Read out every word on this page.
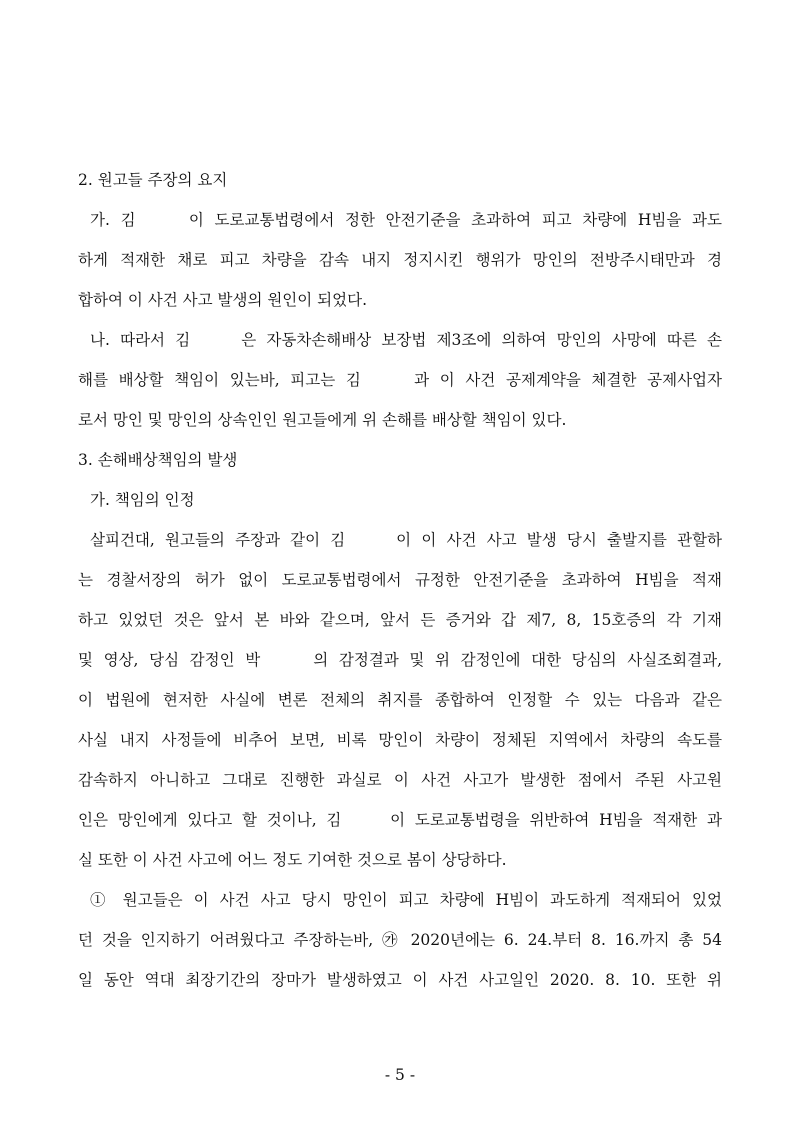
2. 원고들 주장의 요지
가. 김     이 도로교통법령에서 정한 안전기준을 초과하여 피고 차량에 H빔을 과도
하게 적재한 채로 피고 차량을 감속 내지 정지시킨 행위가 망인의 전방주시태만과 경
합하여 이 사건 사고 발생의 원인이 되었다.
나. 따라서 김     은 자동차손해배상 보장법 제3조에 의하여 망인의 사망에 따른 손
해를 배상할 책임이 있는바, 피고는 김     과 이 사건 공제계약을 체결한 공제사업자
로서 망인 및 망인의 상속인인 원고들에게 위 손해를 배상할 책임이 있다.
3. 손해배상책임의 발생
가. 책임의 인정
살피건대, 원고들의 주장과 같이 김     이 이 사건 사고 발생 당시 출발지를 관할하
는 경찰서장의 허가 없이 도로교통법령에서 규정한 안전기준을 초과하여 H빔을 적재
하고 있었던 것은 앞서 본 바와 같으며, 앞서 든 증거와 갑 제7, 8, 15호증의 각 기재
및 영상, 당심 감정인 박     의 감정결과 및 위 감정인에 대한 당심의 사실조회결과,
이 법원에 현저한 사실에 변론 전체의 취지를 종합하여 인정할 수 있는 다음과 같은
사실 내지 사정들에 비추어 보면, 비록 망인이 차량이 정체된 지역에서 차량의 속도를
감속하지 아니하고 그대로 진행한 과실로 이 사건 사고가 발생한 점에서 주된 사고원
인은 망인에게 있다고 할 것이나, 김     이 도로교통법령을 위반하여 H빔을 적재한 과
실 또한 이 사건 사고에 어느 정도 기여한 것으로 봄이 상당하다.
① 원고들은 이 사건 사고 당시 망인이 피고 차량에 H빔이 과도하게 적재되어 있었
던 것을 인지하기 어려웠다고 주장하는바, ㉮ 2020년에는 6. 24.부터 8. 16.까지 총 54
일 동안 역대 최장기간의 장마가 발생하였고 이 사건 사고일인 2020. 8. 10. 또한 위
- 5 -
